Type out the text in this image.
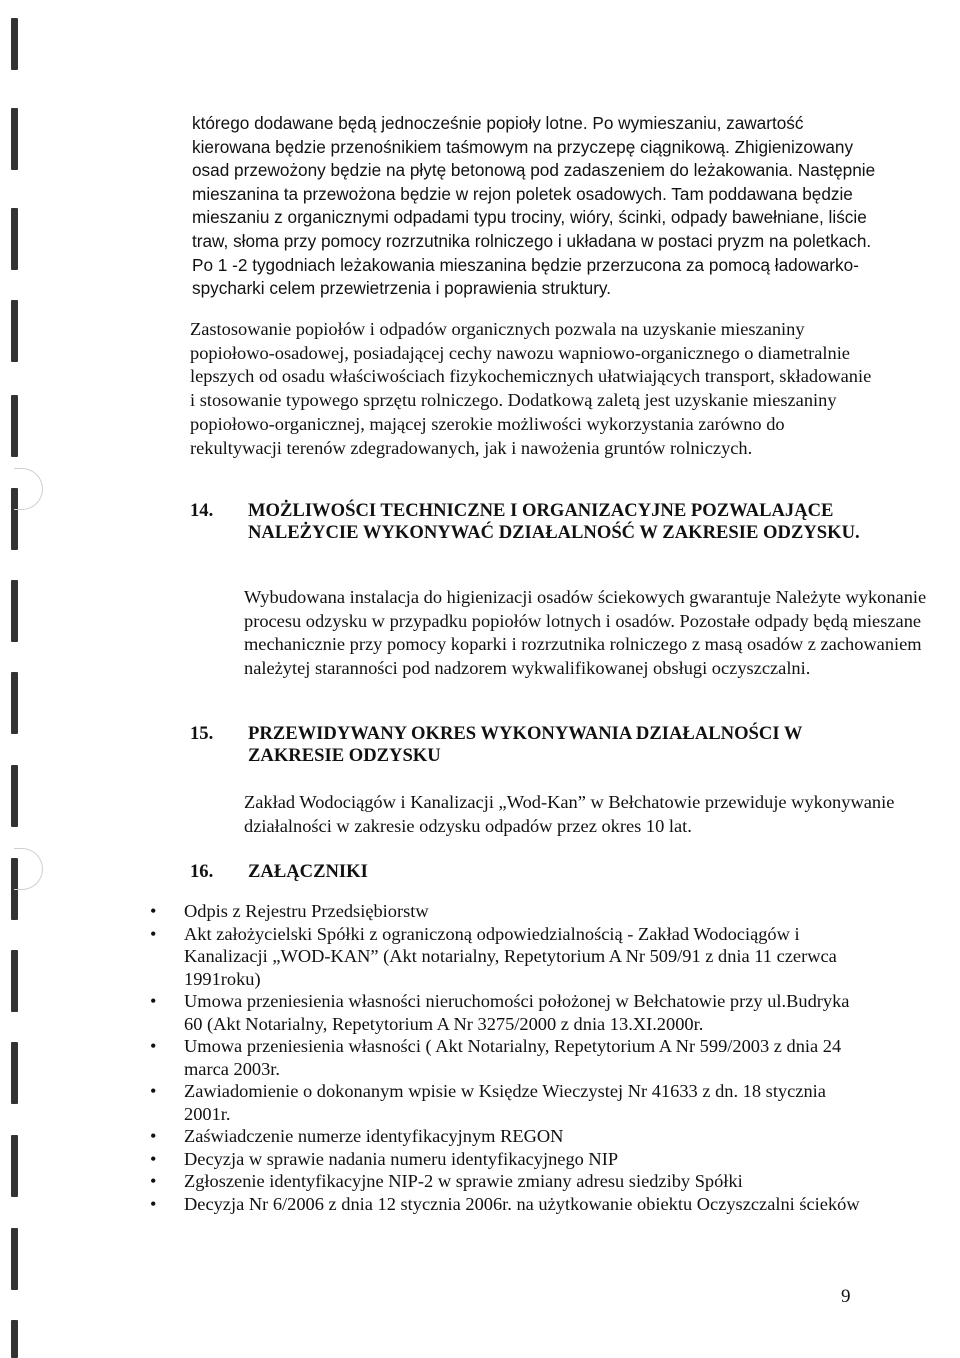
którego dodawane będą jednocześnie popioły lotne. Po wymieszaniu, zawartość kierowana będzie przenośnikiem taśmowym na przyczepę ciągnikową. Zhigienizowany osad przewożony będzie na płytę betonową pod zadaszeniem do leżakowania. Następnie mieszanina ta przewożona będzie w rejon poletek osadowych. Tam poddawana będzie mieszaniu z organicznymi odpadami typu trociny, wióry, ścinki, odpady bawełniane, liście traw, słoma przy pomocy rozrzutnika rolniczego i układana w postaci pryzm na poletkach. Po 1 -2 tygodniach leżakowania mieszanina będzie przerzucona za pomocą ładowarko-spycharki celem przewietrzenia i poprawienia struktury.
Zastosowanie popiołów i odpadów organicznych pozwala na uzyskanie mieszaniny popiołowo-osadowej, posiadającej cechy nawozu wapniowo-organicznego o diametralnie lepszych od osadu właściwościach fizykochemicznych ułatwiających transport, składowanie i stosowanie typowego sprzętu rolniczego. Dodatkową zaletą jest uzyskanie mieszaniny popiołowo-organicznej, mającej szerokie możliwości wykorzystania zarówno do rekultywacji terenów zdegradowanych, jak i nawożenia gruntów rolniczych.
14. MOŻLIWOŚCI TECHNICZNE I ORGANIZACYJNE POZWALAJĄCE NALEŻYCIE WYKONYWAĆ DZIAŁALNOŚĆ W ZAKRESIE ODZYSKU.
Wybudowana instalacja do higienizacji osadów ściekowych gwarantuje Należyte wykonanie procesu odzysku w przypadku popiołów lotnych i osadów. Pozostałe odpady będą mieszane mechanicznie przy pomocy koparki i rozrzutnika rolniczego z masą osadów z zachowaniem należytej staranności pod nadzorem wykwalifikowanej obsługi oczyszczalni.
15. PRZEWIDYWANY OKRES WYKONYWANIA DZIAŁALNOŚCI W ZAKRESIE ODZYSKU
Zakład Wodociągów i Kanalizacji „Wod-Kan” w Bełchatowie przewiduje wykonywanie działalności w zakresie odzysku odpadów przez okres 10 lat.
16. ZAŁĄCZNIKI
•	Odpis z Rejestru Przedsiębiorstw
•	Akt założycielski Spółki z ograniczoną odpowiedzialnością - Zakład Wodociągów i Kanalizacji „WOD-KAN” (Akt notarialny, Repetytorium A Nr 509/91 z dnia 11 czerwca 1991roku)
•	Umowa przeniesienia własności nieruchomości położonej w Bełchatowie przy ul.Budryka 60 (Akt Notarialny, Repetytorium A Nr 3275/2000 z dnia 13.XI.2000r.
•	Umowa przeniesienia własności ( Akt Notarialny, Repetytorium A Nr 599/2003 z dnia 24 marca 2003r.
•	Zawiadomienie o dokonanym wpisie w Księdze Wieczystej Nr 41633 z dn. 18 stycznia 2001r.
•	Zaświadczenie numerze identyfikacyjnym REGON
•	Decyzja w sprawie nadania numeru identyfikacyjnego NIP
•	Zgłoszenie identyfikacyjne NIP-2 w sprawie zmiany adresu siedziby Spółki
•	Decyzja Nr 6/2006 z dnia 12 stycznia 2006r. na użytkowanie obiektu Oczyszczalni ścieków
9
